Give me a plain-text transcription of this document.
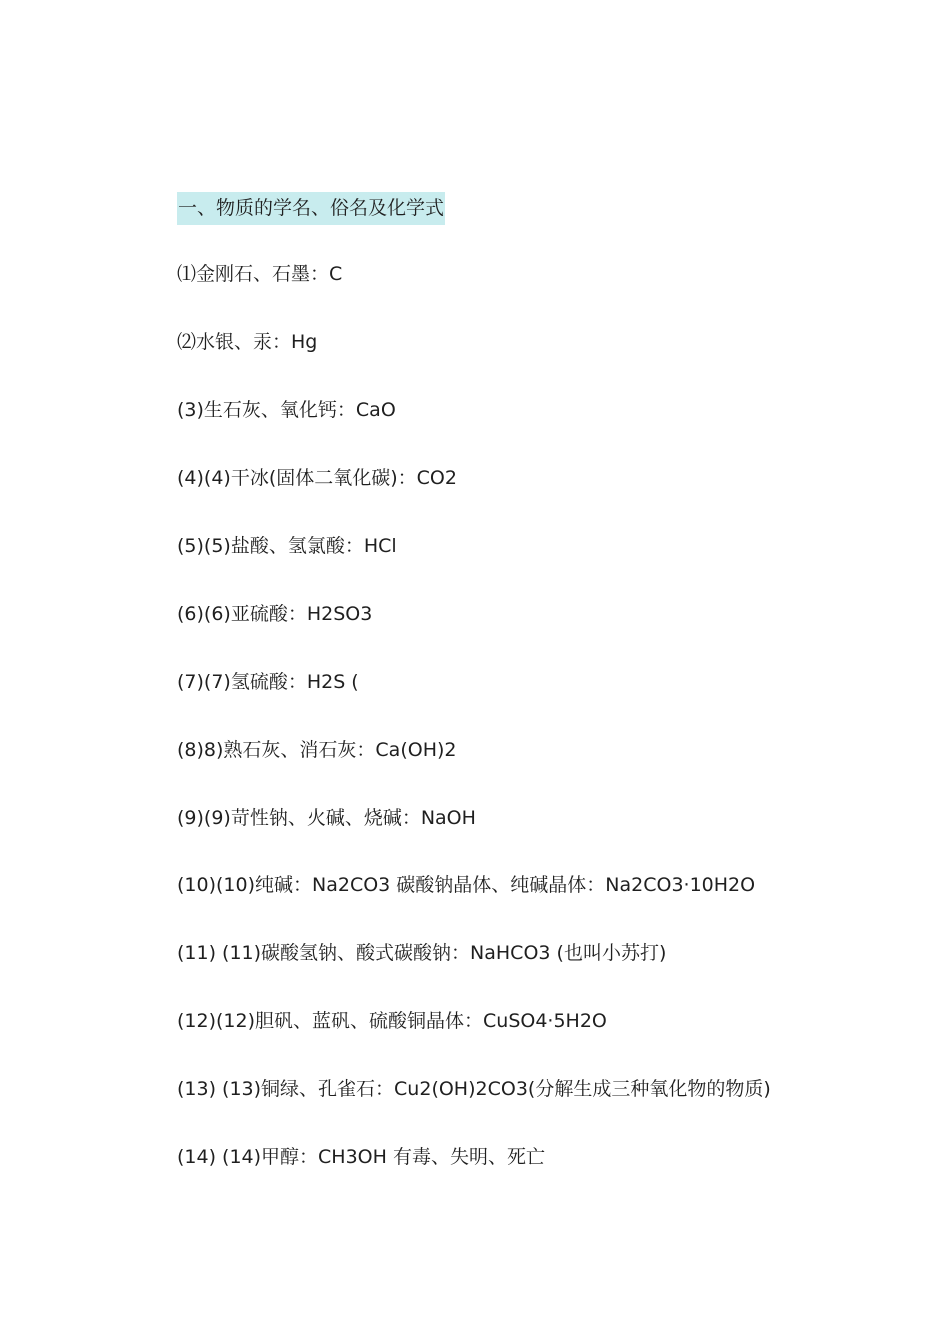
一、物质的学名、俗名及化学式
⑴金刚石、石墨：C
⑵水银、汞：Hg
(3)生石灰、氧化钙：CaO
(4)(4)干冰(固体二氧化碳)：CO2
(5)(5)盐酸、氢氯酸：HCl
(6)(6)亚硫酸：H2SO3
(7)(7)氢硫酸：H2S (
(8)8)熟石灰、消石灰：Ca(OH)2
(9)(9)苛性钠、火碱、烧碱：NaOH
(10)(10)纯碱：Na2CO3 碳酸钠晶体、纯碱晶体：Na2CO3·10H2O
(11) (11)碳酸氢钠、酸式碳酸钠：NaHCO3 (也叫小苏打)
(12)(12)胆矾、蓝矾、硫酸铜晶体：CuSO4·5H2O
(13) (13)铜绿、孔雀石：Cu2(OH)2CO3(分解生成三种氧化物的物质)
(14) (14)甲醇：CH3OH 有毒、失明、死亡
